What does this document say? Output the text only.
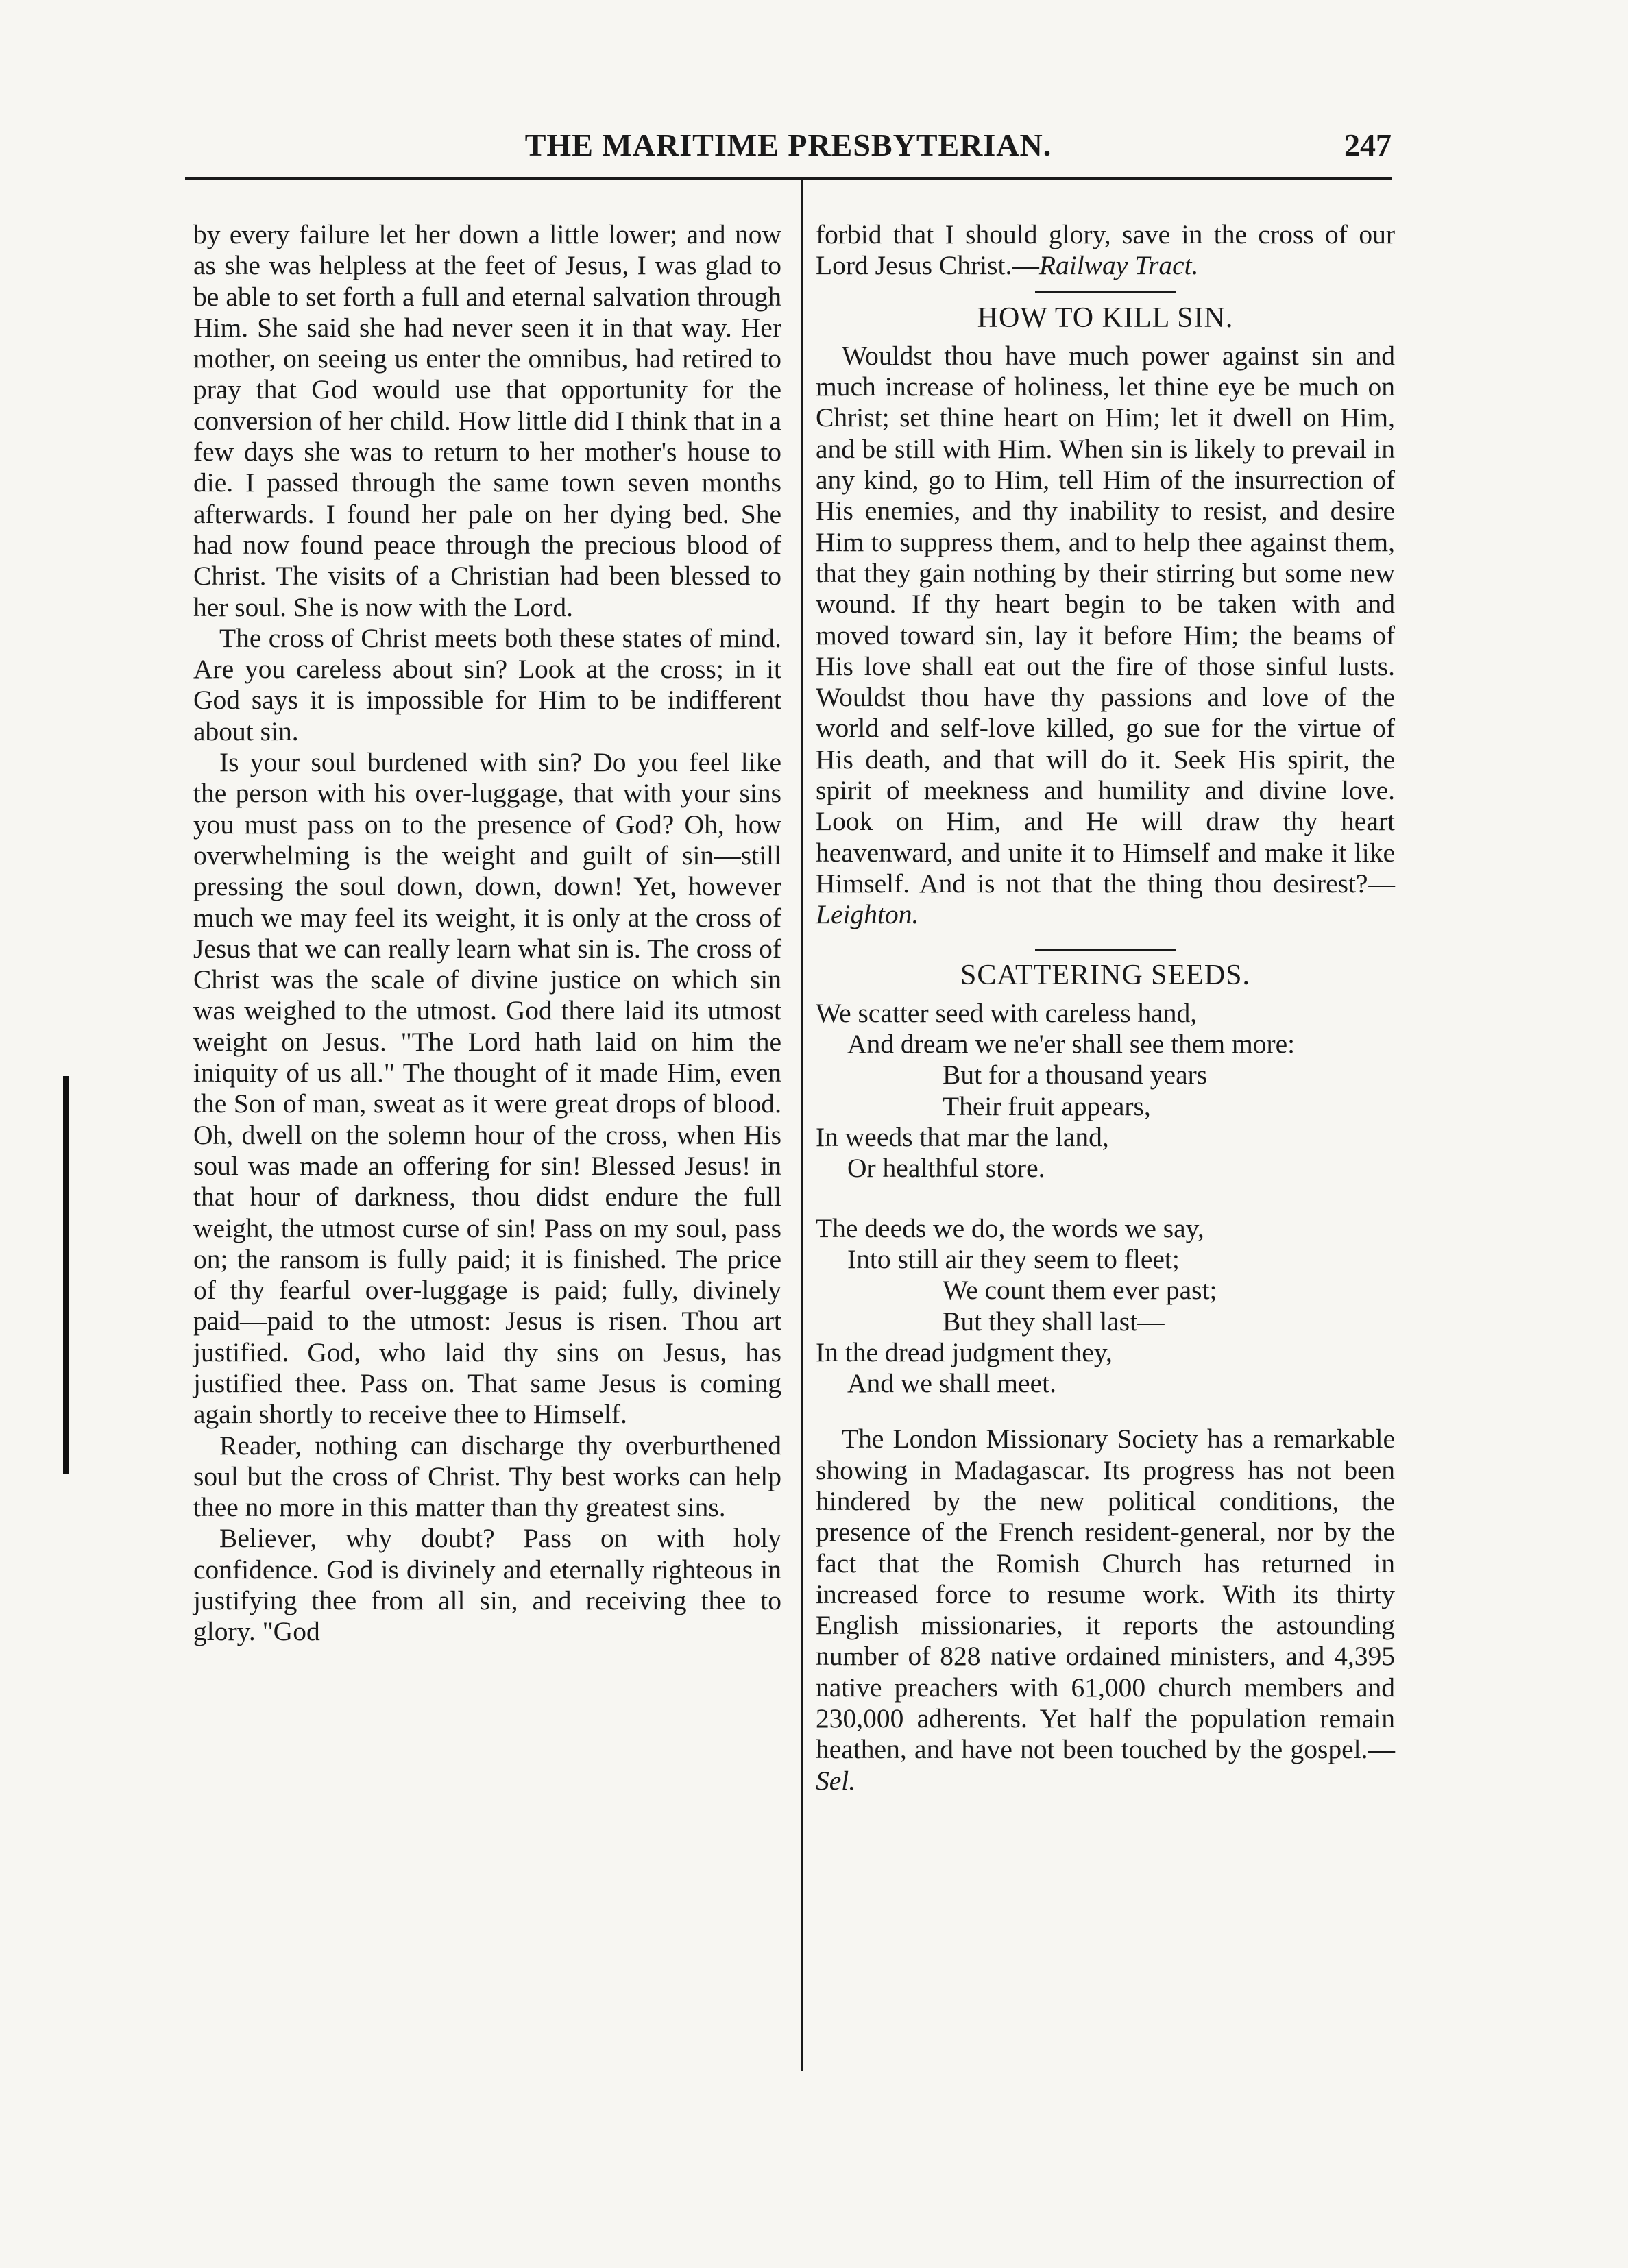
THE MARITIME PRESBYTERIAN.	247

by every failure let her down a little lower; and now as she was helpless at the feet of Jesus, I was glad to be able to set forth a full and eternal salvation through Him. She said she had never seen it in that way. Her mother, on seeing us enter the omnibus, had retired to pray that God would use that opportunity for the conversion of her child. How little did I think that in a few days she was to return to her mother's house to die. I passed through the same town seven months afterwards. I found her pale on her dying bed. She had now found peace through the precious blood of Christ. The visits of a Christian had been blessed to her soul. She is now with the Lord.

The cross of Christ meets both these states of mind. Are you careless about sin? Look at the cross; in it God says it is impossible for Him to be indifferent about sin.

Is your soul burdened with sin? Do you feel like the person with his over-luggage, that with your sins you must pass on to the presence of God? Oh, how overwhelming is the weight and guilt of sin—still pressing the soul down, down, down! Yet, however much we may feel its weight, it is only at the cross of Jesus that we can really learn what sin is. The cross of Christ was the scale of divine justice on which sin was weighed to the utmost. God there laid its utmost weight on Jesus. "The Lord hath laid on him the iniquity of us all." The thought of it made Him, even the Son of man, sweat as it were great drops of blood. Oh, dwell on the solemn hour of the cross, when His soul was made an offering for sin! Blessed Jesus! in that hour of darkness, thou didst endure the full weight, the utmost curse of sin! Pass on my soul, pass on; the ransom is fully paid; it is finished. The price of thy fearful over-luggage is paid; fully, divinely paid—paid to the utmost: Jesus is risen. Thou art justified. God, who laid thy sins on Jesus, has justified thee. Pass on. That same Jesus is coming again shortly to receive thee to Himself.

Reader, nothing can discharge thy overburthened soul but the cross of Christ. Thy best works can help thee no more in this matter than thy greatest sins.

Believer, why doubt? Pass on with holy confidence. God is divinely and eternally righteous in justifying thee from all sin, and receiving thee to glory. "God

forbid that I should glory, save in the cross of our Lord Jesus Christ.—Railway Tract.

HOW TO KILL SIN.

Wouldst thou have much power against sin and much increase of holiness, let thine eye be much on Christ; set thine heart on Him; let it dwell on Him, and be still with Him. When sin is likely to prevail in any kind, go to Him, tell Him of the insurrection of His enemies, and thy inability to resist, and desire Him to suppress them, and to help thee against them, that they gain nothing by their stirring but some new wound. If thy heart begin to be taken with and moved toward sin, lay it before Him; the beams of His love shall eat out the fire of those sinful lusts. Wouldst thou have thy passions and love of the world and self-love killed, go sue for the virtue of His death, and that will do it. Seek His spirit, the spirit of meekness and humility and divine love. Look on Him, and He will draw thy heart heavenward, and unite it to Himself and make it like Himself. And is not that the thing thou desirest?—Leighton.

SCATTERING SEEDS.
We scatter seed with careless hand,
And dream we ne'er shall see them more:
But for a thousand years
Their fruit appears,
In weeds that mar the land,
Or healthful store.
The deeds we do, the words we say,
Into still air they seem to fleet;
We count them ever past;
But they shall last—
In the dread judgment they,
And we shall meet.

The London Missionary Society has a remarkable showing in Madagascar. Its progress has not been hindered by the new political conditions, the presence of the French resident-general, nor by the fact that the Romish Church has returned in increased force to resume work. With its thirty English missionaries, it reports the astounding number of 828 native ordained ministers, and 4,395 native preachers with 61,000 church members and 230,000 adherents. Yet half the population remain heathen, and have not been touched by the gospel.—Sel.
